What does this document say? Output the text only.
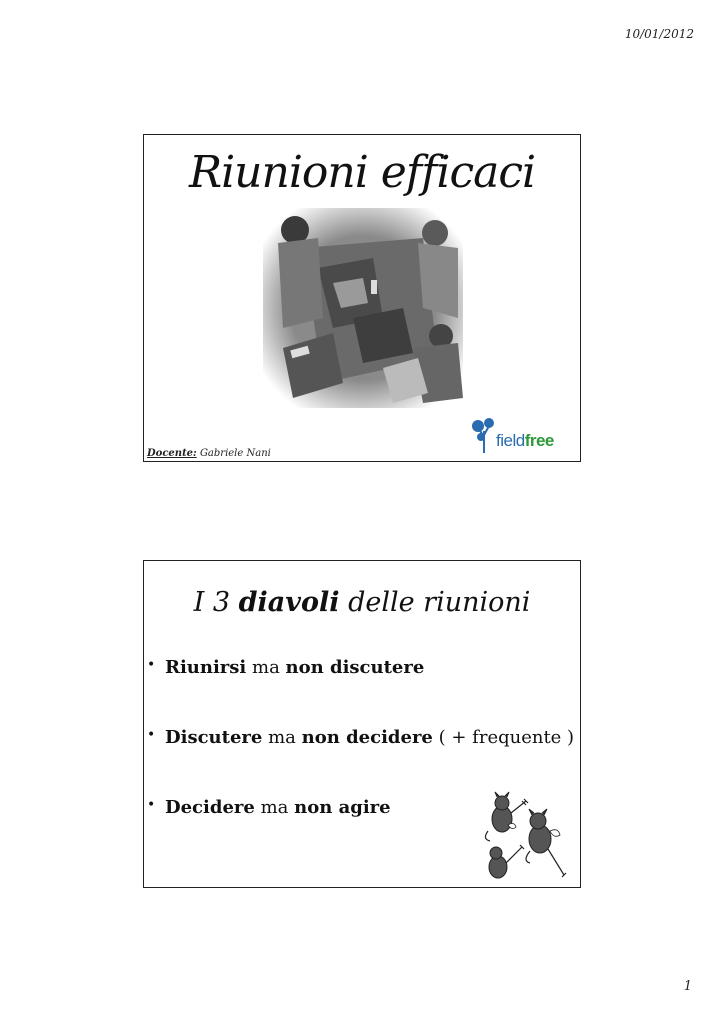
10/01/2012
Riunioni efficaci
Docente: Gabriele Nani
fieldfree
I 3 diavoli delle riunioni
• Riunirsi ma non discutere
• Discutere ma non decidere ( + frequente )
• Decidere ma non agire
1
